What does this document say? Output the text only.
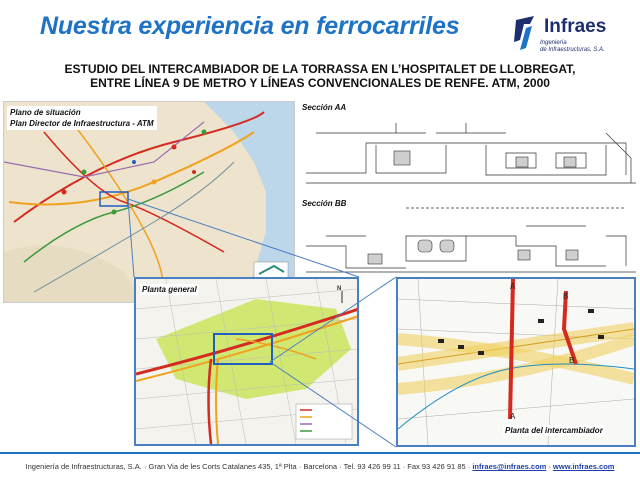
Nuestra experiencia en ferrocarriles	Infraes
Ingeniería
de Infraestructuras, S.A.
ESTUDIO DEL INTERCAMBIADOR DE LA TORRASSA EN L’HOSPITALET DE LLOBREGAT,
ENTRE LÍNEA 9 DE METRO Y LÍNEAS CONVENCIONALES DE RENFE. ATM, 2000
Plano de situación
Plan Director de Infraestructura - ATM
Sección AA
Sección BB
N
Planta general	A
A
B
B
Planta del intercambiador
Ingeniería de Infraestructuras, S.A. · Gran Via de les Corts Catalanes 435, 1ª Plta · Barcelona · Tel. 93 426 99 11 · Fax 93 426 91 85 · infraes@infraes.com · www.infraes.com
